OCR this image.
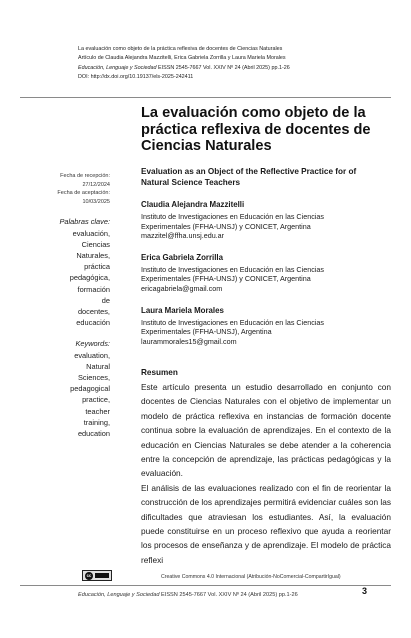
La evaluación como objeto de la práctica reflexiva de docentes de Ciencias Naturales
Artículo de Claudia Alejandra Mazzitelli, Erica Gabriela Zorrilla y Laura Mariela Morales
Educación, Lenguaje y Sociedad EISSN 2545-7667 Vol. XXIV Nº 24 (Abril 2025) pp.1-26
DOI: http://dx.doi.org/10.19137/els-2025-242411
La evaluación como objeto de la práctica reflexiva de docentes de Ciencias Naturales
Evaluation as an Object of the Reflective Practice for of Natural Science Teachers
Fecha de recepción:
27/12/2024
Fecha de aceptación:
10/03/2025
Palabras clave:
evaluación,
Ciencias
Naturales,
práctica
pedagógica,
formación
de
docentes,
educación
Keywords:
evaluation,
Natural
Sciences,
pedagogical
practice,
teacher
training,
education
Claudia Alejandra Mazzitelli
Instituto de Investigaciones en Educación en las Ciencias
Experimentales (FFHA-UNSJ) y CONICET, Argentina
mazzitel@ffha.unsj.edu.ar
Erica Gabriela Zorrilla
Instituto de Investigaciones en Educación en las Ciencias
Experimentales (FFHA-UNSJ) y CONICET, Argentina
ericagabriela@gmail.com
Laura Mariela Morales
Instituto de Investigaciones en Educación en las Ciencias
Experimentales (FFHA-UNSJ), Argentina
laurammorales15@gmail.com
Resumen

Este artículo presenta un estudio desarrollado en conjunto con docentes de Ciencias Naturales con el objetivo de implementar un modelo de práctica reflexiva en instancias de formación docente continua sobre la evaluación de aprendizajes. En el contexto de la educación en Ciencias Naturales se debe atender a la coherencia entre la concepción de aprendizaje, las prácticas pedagógicas y la evaluación.

El análisis de las evaluaciones realizado con el fin de reorientar la construcción de los aprendizajes permitirá evidenciar cuáles son las dificultades que atraviesan los estudiantes. Así, la evaluación puede constituirse en un proceso reflexivo que ayuda a reorientar los procesos de enseñanza y de aprendizaje. El modelo de práctica reflexi

cc	Creative Commons 4.0 Internacional (Atribución-NoComercial-CompartirIgual)
Educación, Lenguaje y Sociedad EISSN 2545-7667 Vol. XXIV Nº 24 (Abril 2025) pp.1-26	3
